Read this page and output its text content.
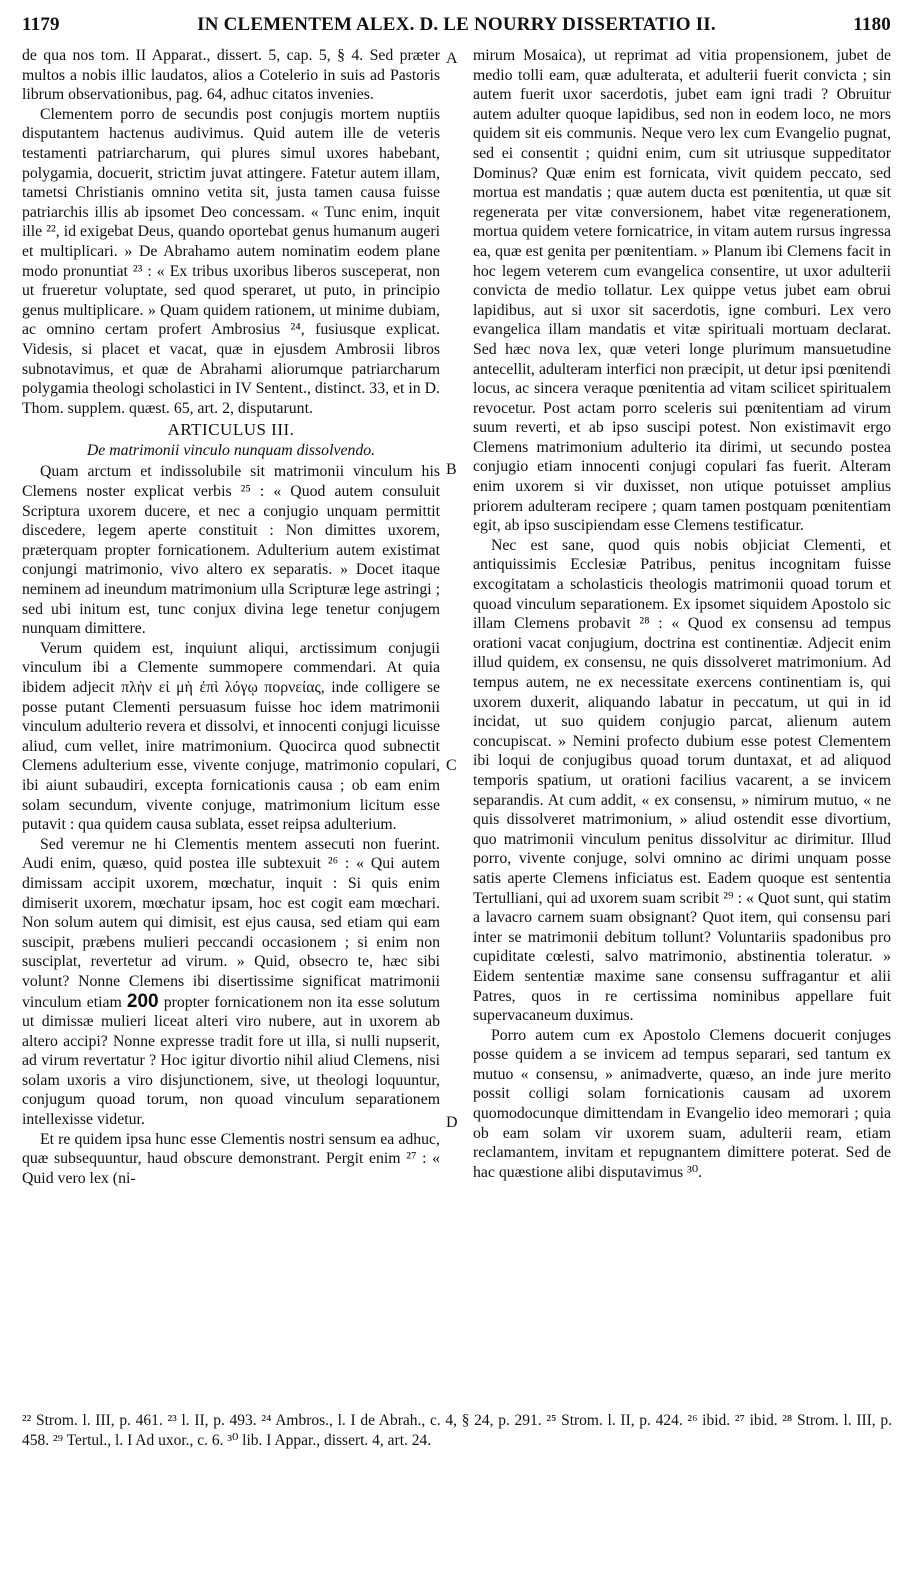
1179	IN CLEMENTEM ALEX. D. LE NOURRY DISSERTATIO II.	1180

de qua nos tom. II Apparat., dissert. 5, cap. 5, § 4. Sed præter multos a nobis illic laudatos, alios a Cotelerio in suis ad Pastoris librum observationibus, pag. 64, adhuc citatos invenies.

Clementem porro de secundis post conjugis mortem nuptiis disputantem hactenus audivimus. Quid autem ille de veteris testamenti patriarcharum, qui plures simul uxores habebant, polygamia, docuerit, strictim juvat attingere. Fatetur autem illam, tametsi Christianis omnino vetita sit, justa tamen causa fuisse patriarchis illis ab ipsomet Deo concessam. « Tunc enim, inquit ille ²², id exigebat Deus, quando oportebat genus humanum augeri et multiplicari. » De Abrahamo autem nominatim eodem plane modo pronuntiat ²³ : « Ex tribus uxoribus liberos susceperat, non ut frueretur voluptate, sed quod speraret, ut puto, in principio genus multiplicare. » Quam quidem rationem, ut minime dubiam, ac omnino certam profert Ambrosius ²⁴, fusiusque explicat. Videsis, si placet et vacat, quæ in ejusdem Ambrosii libros subnotavimus, et quæ de Abrahami aliorumque patriarcharum polygamia theologi scholastici in IV Sentent., distinct. 33, et in D. Thom. supplem. quæst. 65, art. 2, disputarunt.

ARTICULUS III.
De matrimonii vinculo nunquam dissolvendo.

Quam arctum et indissolubile sit matrimonii vinculum his Clemens noster explicat verbis ²⁵ : « Quod autem consuluit Scriptura uxorem ducere, et nec a conjugio unquam permittit discedere, legem aperte constituit : Non dimittes uxorem, præterquam propter fornicationem. Adulterium autem existimat conjungi matrimonio, vivo altero ex separatis. » Docet itaque neminem ad ineundum matrimonium ulla Scripturæ lege astringi ; sed ubi initum est, tunc conjux divina lege tenetur conjugem nunquam dimittere.

Verum quidem est, inquiunt aliqui, arctissimum conjugii vinculum ibi a Clemente summopere commendari. At quia ibidem adjecit πλὴν εἰ μὴ ἐπὶ λόγῳ πορνείας, inde colligere se posse putant Clementi persuasum fuisse hoc idem matrimonii vinculum adulterio revera et dissolvi, et innocenti conjugi licuisse aliud, cum vellet, inire matrimonium. Quocirca quod subnectit Clemens adulterium esse, vivente conjuge, matrimonio copulari, ibi aiunt subaudiri, excepta fornicationis causa ; ob eam enim solam secundum, vivente conjuge, matrimonium licitum esse putavit : qua quidem causa sublata, esset reipsa adulterium.

Sed veremur ne hi Clementis mentem assecuti non fuerint. Audi enim, quæso, quid postea ille subtexuit ²⁶ : « Qui autem dimissam accipit uxorem, mœchatur, inquit : Si quis enim dimiserit uxorem, mœchatur ipsam, hoc est cogit eam mœchari. Non solum autem qui dimisit, est ejus causa, sed etiam qui eam suscipit, præbens mulieri peccandi occasionem ; si enim non susciplat, revertetur ad virum. » Quid, obsecro te, hæc sibi volunt? Nonne Clemens ibi disertissime significat matrimonii vinculum etiam 200 propter fornicationem non ita esse solutum ut dimissæ mulieri liceat alteri viro nubere, aut in uxorem ab altero accipi? Nonne expresse tradit fore ut illa, si nulli nupserit, ad virum revertatur ? Hoc igitur divortio nihil aliud Clemens, nisi solam uxoris a viro disjunctionem, sive, ut theologi loquuntur, conjugum quoad torum, non quoad vinculum separationem intellexisse videtur.

Et re quidem ipsa hunc esse Clementis nostri sensum ea adhuc, quæ subsequuntur, haud obscure demonstrant. Pergit enim ²⁷ : « Quid vero lex (ni-

A
B
C
D

mirum Mosaica), ut reprimat ad vitia propensionem, jubet de medio tolli eam, quæ adulterata, et adulterii fuerit convicta ; sin autem fuerit uxor sacerdotis, jubet eam igni tradi ? Obruitur autem adulter quoque lapidibus, sed non in eodem loco, ne mors quidem sit eis communis. Neque vero lex cum Evangelio pugnat, sed ei consentit ; quidni enim, cum sit utriusque suppeditator Dominus? Quæ enim est fornicata, vivit quidem peccato, sed mortua est mandatis ; quæ autem ducta est pœnitentia, ut quæ sit regenerata per vitæ conversionem, habet vitæ regenerationem, mortua quidem vetere fornicatrice, in vitam autem rursus ingressa ea, quæ est genita per pœnitentiam. » Planum ibi Clemens facit in hoc legem veterem cum evangelica consentire, ut uxor adulterii convicta de medio tollatur. Lex quippe vetus jubet eam obrui lapidibus, aut si uxor sit sacerdotis, igne comburi. Lex vero evangelica illam mandatis et vitæ spirituali mortuam declarat. Sed hæc nova lex, quæ veteri longe plurimum mansuetudine antecellit, adulteram interfici non præcipit, ut detur ipsi pœnitendi locus, ac sincera veraque pœnitentia ad vitam scilicet spiritualem revocetur. Post actam porro sceleris sui pœnitentiam ad virum suum reverti, et ab ipso suscipi potest. Non existimavit ergo Clemens matrimonium adulterio ita dirimi, ut secundo postea conjugio etiam innocenti conjugi copulari fas fuerit. Alteram enim uxorem si vir duxisset, non utique potuisset amplius priorem adulteram recipere ; quam tamen postquam pœnitentiam egit, ab ipso suscipiendam esse Clemens testificatur.

Nec est sane, quod quis nobis objiciat Clementi, et antiquissimis Ecclesiæ Patribus, penitus incognitam fuisse excogitatam a scholasticis theologis matrimonii quoad torum et quoad vinculum separationem. Ex ipsomet siquidem Apostolo sic illam Clemens probavit ²⁸ : « Quod ex consensu ad tempus orationi vacat conjugium, doctrina est continentiæ. Adjecit enim illud quidem, ex consensu, ne quis dissolveret matrimonium. Ad tempus autem, ne ex necessitate exercens continentiam is, qui uxorem duxerit, aliquando labatur in peccatum, ut qui in id incidat, ut suo quidem conjugio parcat, alienum autem concupiscat. » Nemini profecto dubium esse potest Clementem ibi loqui de conjugibus quoad torum duntaxat, et ad aliquod temporis spatium, ut orationi facilius vacarent, a se invicem separandis. At cum addit, « ex consensu, » nimirum mutuo, « ne quis dissolveret matrimonium, » aliud ostendit esse divortium, quo matrimonii vinculum penitus dissolvitur ac dirimitur. Illud porro, vivente conjuge, solvi omnino ac dirimi unquam posse satis aperte Clemens inficiatus est. Eadem quoque est sententia Tertulliani, qui ad uxorem suam scribit ²⁹ : « Quot sunt, qui statim a lavacro carnem suam obsignant? Quot item, qui consensu pari inter se matrimonii debitum tollunt? Voluntariis spadonibus pro cupiditate cœlesti, salvo matrimonio, abstinentia toleratur. » Eidem sententiæ maxime sane consensu suffragantur et alii Patres, quos in re certissima nominibus appellare fuit supervacaneum duximus.

Porro autem cum ex Apostolo Clemens docuerit conjuges posse quidem a se invicem ad tempus separari, sed tantum ex mutuo « consensu, » animadverte, quæso, an inde jure merito possit colligi solam fornicationis causam ad uxorem quomodocunque dimittendam in Evangelio ideo memorari ; quia ob eam solam vir uxorem suam, adulterii ream, etiam reclamantem, invitam et repugnantem dimittere poterat. Sed de hac quæstione alibi disputavimus ³⁰.

²² Strom. l. III, p. 461. ²³ l. II, p. 493. ²⁴ Ambros., l. I de Abrah., c. 4, § 24, p. 291. ²⁵ Strom. l. II, p. 424. ²⁶ ibid. ²⁷ ibid. ²⁸ Strom. l. III, p. 458. ²⁹ Tertul., l. I Ad uxor., c. 6. ³⁰ lib. I Appar., dissert. 4, art. 24.
